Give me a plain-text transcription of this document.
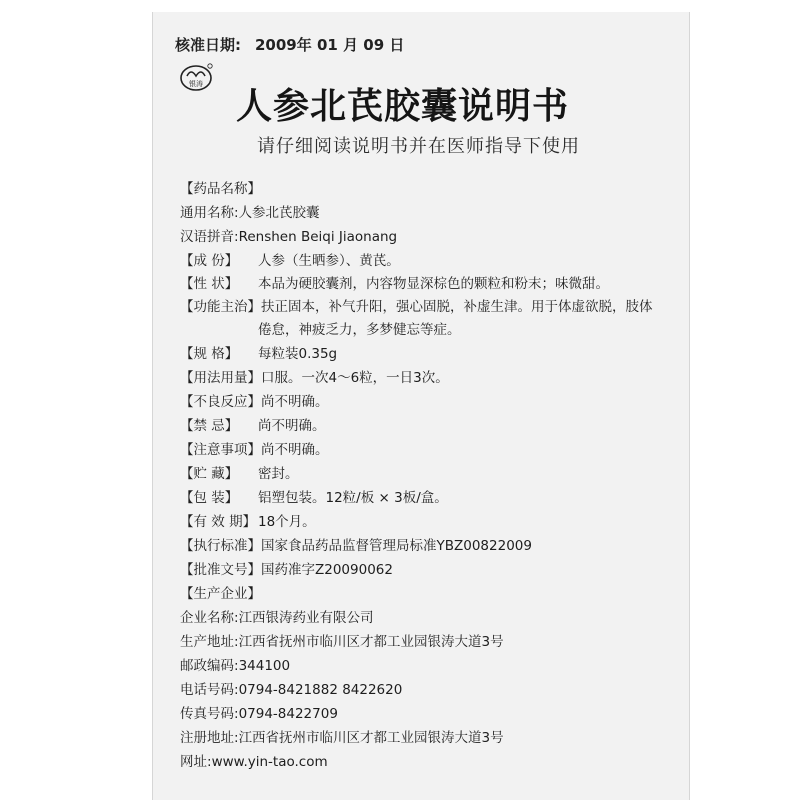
核准日期: 2009年 01 月 09 日
银涛
人参北芪胶囊说明书
请仔细阅读说明书并在医师指导下使用
【药品名称】
通用名称:人参北芪胶囊
汉语拼音:Renshen Beiqi Jiaonang
【成 份】 人参（生晒参）、黄芪。
【性 状】 本品为硬胶囊剂，内容物显深棕色的颗粒和粉末；味微甜。
【功能主治】扶正固本，补气升阳，强心固脱，补虚生津。用于体虚欲脱，肢体
倦怠，神疲乏力，多梦健忘等症。
【规 格】 每粒装0.35g
【用法用量】口服。一次4～6粒，一日3次。
【不良反应】尚不明确。
【禁 忌】 尚不明确。
【注意事项】尚不明确。
【贮 藏】 密封。
【包 装】 铝塑包装。12粒/板 × 3板/盒。
【有 效 期】 18个月。
【执行标准】国家食品药品监督管理局标准YBZ00822009
【批准文号】国药准字Z20090062
【生产企业】
企业名称:江西银涛药业有限公司
生产地址:江西省抚州市临川区才都工业园银涛大道3号
邮政编码:344100
电话号码:0794-8421882 8422620
传真号码:0794-8422709
注册地址:江西省抚州市临川区才都工业园银涛大道3号
网址:www.yin-tao.com
